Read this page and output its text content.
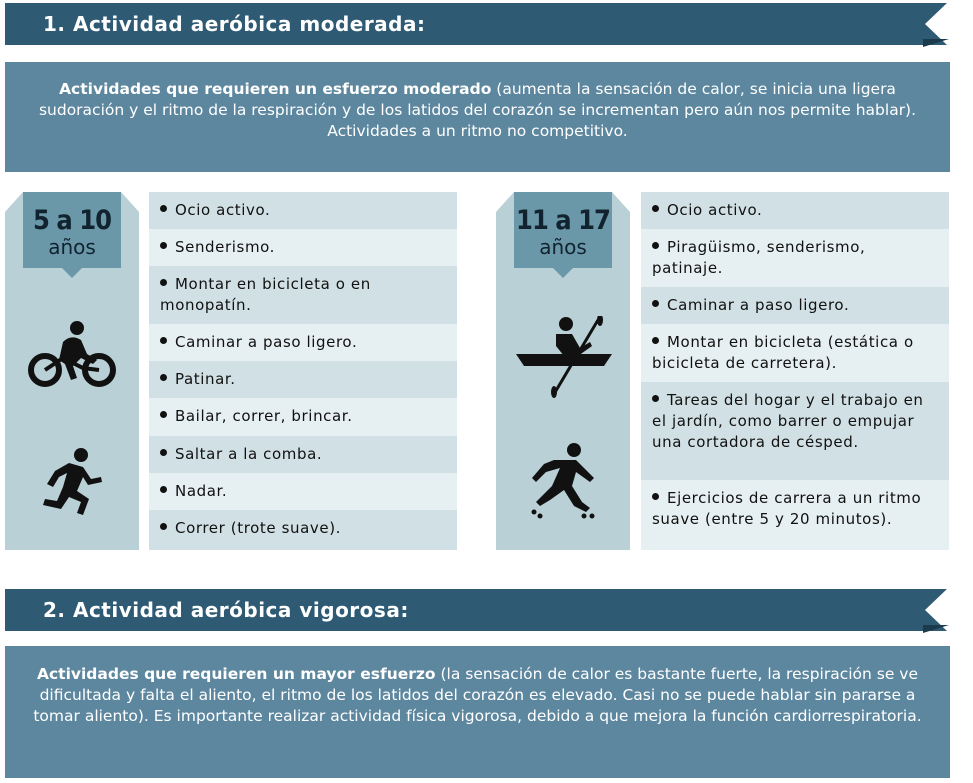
1. Actividad aeróbica moderada:
Actividades que requieren un esfuerzo moderado (aumenta la sensación de calor, se inicia una ligera sudoración y el ritmo de la respiración y de los latidos del corazón se incrementan pero aún nos permite hablar). Actividades a un ritmo no competitivo.
5 a 10
años
Ocio activo.
Senderismo.
Montar en bicicleta o en monopatín.
Caminar a paso ligero.
Patinar.
Bailar, correr, brincar.
Saltar a la comba.
Nadar.
Correr (trote suave).
11 a 17
años
Ocio activo.
Piragüismo, senderismo, patinaje.
Caminar a paso ligero.
Montar en bicicleta (estática o bicicleta de carretera).
Tareas del hogar y el trabajo en el jardín, como barrer o empujar una cortadora de césped.
Ejercicios de carrera a un ritmo suave (entre 5 y 20 minutos).
2. Actividad aeróbica vigorosa:
Actividades que requieren un mayor esfuerzo (la sensación de calor es bastante fuerte, la respiración se ve dificultada y falta el aliento, el ritmo de los latidos del corazón es elevado. Casi no se puede hablar sin pararse a tomar aliento). Es importante realizar actividad física vigorosa, debido a que mejora la función cardiorrespiratoria.
